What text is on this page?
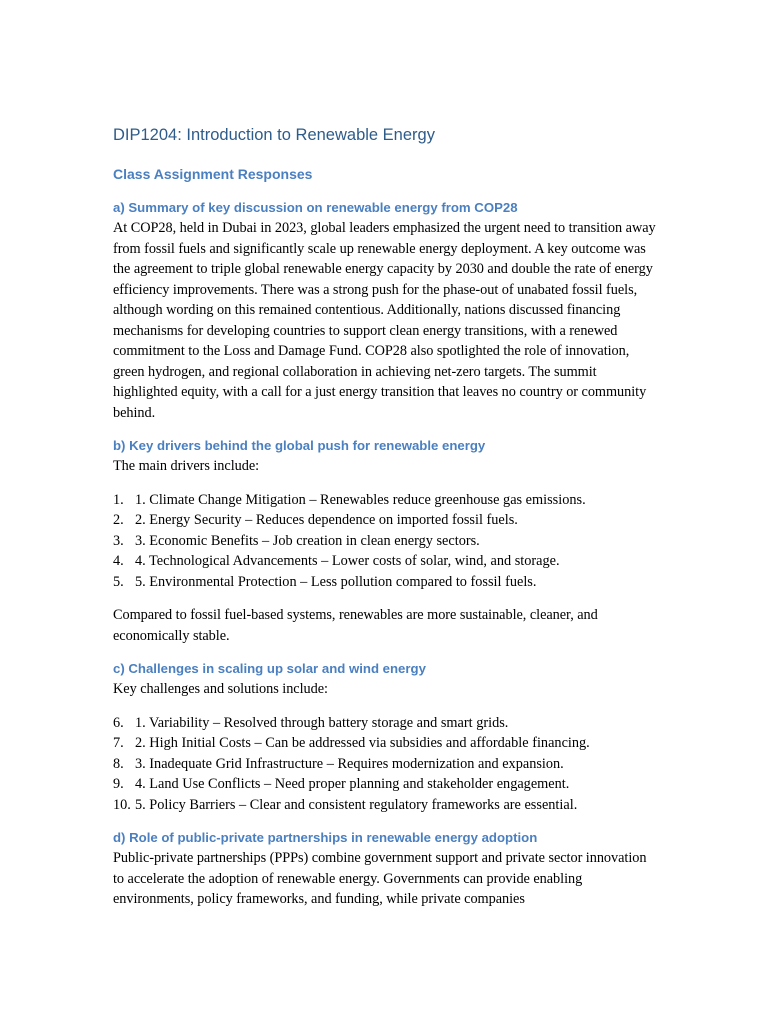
DIP1204: Introduction to Renewable Energy
Class Assignment Responses
a) Summary of key discussion on renewable energy from COP28

At COP28, held in Dubai in 2023, global leaders emphasized the urgent need to transition away from fossil fuels and significantly scale up renewable energy deployment. A key outcome was the agreement to triple global renewable energy capacity by 2030 and double the rate of energy efficiency improvements. There was a strong push for the phase-out of unabated fossil fuels, although wording on this remained contentious. Additionally, nations discussed financing mechanisms for developing countries to support clean energy transitions, with a renewed commitment to the Loss and Damage Fund. COP28 also spotlighted the role of innovation, green hydrogen, and regional collaboration in achieving net-zero targets. The summit highlighted equity, with a call for a just energy transition that leaves no country or community behind.

b) Key drivers behind the global push for renewable energy

The main drivers include:

1. 1. Climate Change Mitigation – Renewables reduce greenhouse gas emissions.
2. 2. Energy Security – Reduces dependence on imported fossil fuels.
3. 3. Economic Benefits – Job creation in clean energy sectors.
4. 4. Technological Advancements – Lower costs of solar, wind, and storage.
5. 5. Environmental Protection – Less pollution compared to fossil fuels.

Compared to fossil fuel-based systems, renewables are more sustainable, cleaner, and economically stable.

c) Challenges in scaling up solar and wind energy

Key challenges and solutions include:

6. 1. Variability – Resolved through battery storage and smart grids.
7. 2. High Initial Costs – Can be addressed via subsidies and affordable financing.
8. 3. Inadequate Grid Infrastructure – Requires modernization and expansion.
9. 4. Land Use Conflicts – Need proper planning and stakeholder engagement.
10. 5. Policy Barriers – Clear and consistent regulatory frameworks are essential.
d) Role of public-private partnerships in renewable energy adoption

Public-private partnerships (PPPs) combine government support and private sector innovation to accelerate the adoption of renewable energy. Governments can provide enabling environments, policy frameworks, and funding, while private companies
